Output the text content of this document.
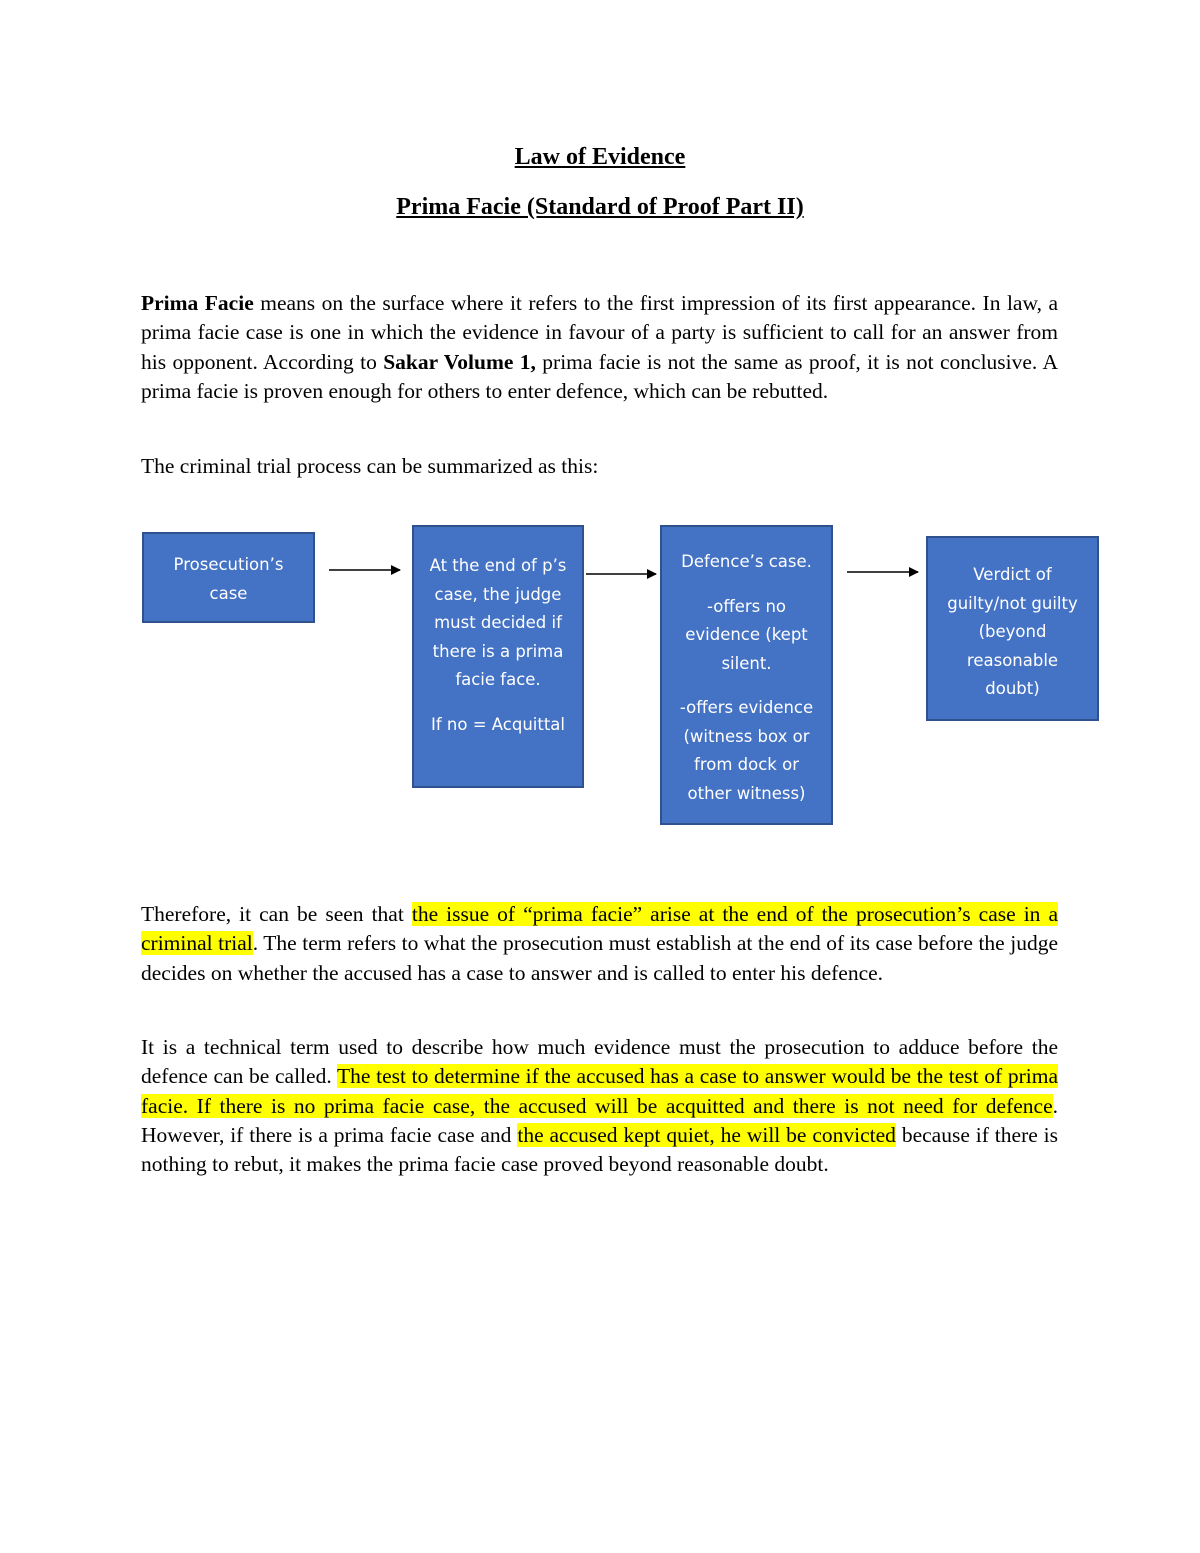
Law of Evidence
Prima Facie (Standard of Proof Part II)

Prima Facie means on the surface where it refers to the first impression of its first appearance. In law, a prima facie case is one in which the evidence in favour of a party is sufficient to call for an answer from his opponent. According to Sakar Volume 1, prima facie is not the same as proof, it is not conclusive. A prima facie is proven enough for others to enter defence, which can be rebutted.

The criminal trial process can be summarized as this:

Prosecution’s case

At the end of p’s case, the judge must decided if there is a prima facie face.

If no = Acquittal

Defence’s case.

-offers no evidence (kept silent.

-offers evidence (witness box or from dock or other witness)

Verdict of guilty/not guilty (beyond reasonable doubt)

Therefore, it can be seen that the issue of “prima facie” arise at the end of the prosecution’s case in a criminal trial. The term refers to what the prosecution must establish at the end of its case before the judge decides on whether the accused has a case to answer and is called to enter his defence.

It is a technical term used to describe how much evidence must the prosecution to adduce before the defence can be called. The test to determine if the accused has a case to answer would be the test of prima facie. If there is no prima facie case, the accused will be acquitted and there is not need for defence. However, if there is a prima facie case and the accused kept quiet, he will be convicted because if there is nothing to rebut, it makes the prima facie case proved beyond reasonable doubt.
